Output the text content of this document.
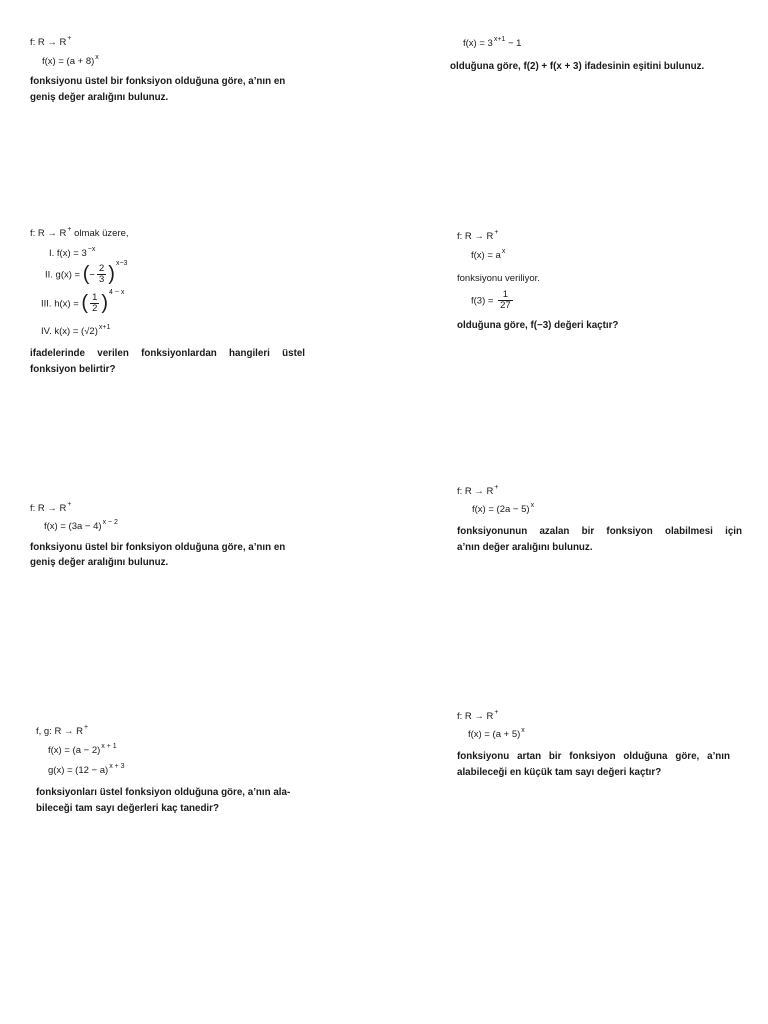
f: R → R+
$f(x) = (a + 8)^x$
fonksiyonu üstel bir fonksiyon olduğuna göre, a’nın en
geniş değer aralığını bulunuz.
$f(x) = 3^{x+1} - 1$
olduğuna göre, f(2) + f(x + 3) ifadesinin eşitini bulunuz.
f: R → R+ olmak üzere,
I. $f(x) = 3^{-x}$
II. g(x) = (− $\frac{2}{3} )^{x-3}$
III. h(x) = ( $\frac{1}{2} )^{4 - x}$
IV. $k(x) = (√2)^{x+1}$
ifadelerinde verilen fonksiyonlardan hangileri üstel
fonksiyon belirtir?
f: R → R+
$f(x) = a^x$
fonksiyonu veriliyor.
$f(3) = \frac{1}{27}$
olduğuna göre, f(−3) değeri kaçtır?
f: R → R+
$f(x) = (3a - 4)^{x - 2}$
fonksiyonu üstel bir fonksiyon olduğuna göre, a’nın en
geniş değer aralığını bulunuz.
f: R → R+
$f(x) = (2a - 5)^x$
fonksiyonunun azalan bir fonksiyon olabilmesi için
a’nın değer aralığını bulunuz.
f, g: R → R+
$f(x) = (a - 2)^{x + 1}$
$g(x) = (12 - a)^{x + 3}$
fonksiyonları üstel fonksiyon olduğuna göre, a’nın ala-
bileceği tam sayı değerleri kaç tanedir?
f: R → R+
$f(x) = (a + 5)^x$
fonksiyonu artan bir fonksiyon olduğuna göre, a’nın
alabileceği en küçük tam sayı değeri kaçtır?
